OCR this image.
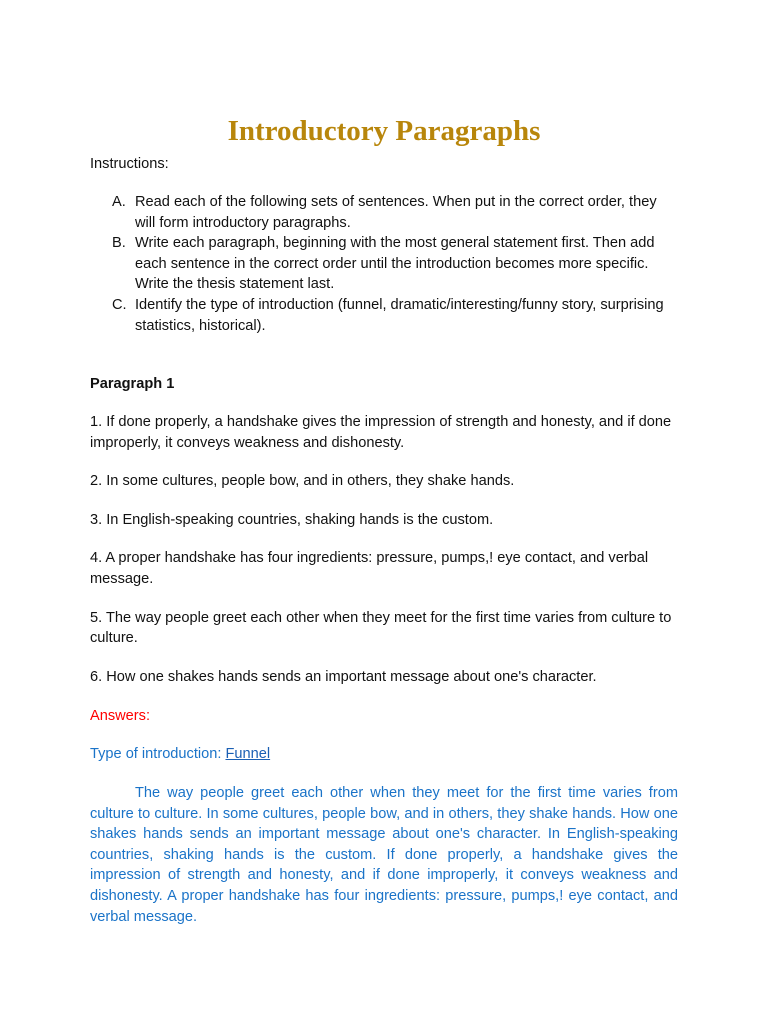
Introductory Paragraphs

Instructions:

A. Read each of the following sets of sentences. When put in the correct order, they will form introductory paragraphs.
B. Write each paragraph, beginning with the most general statement first. Then add each sentence in the correct order until the introduction becomes more specific. Write the thesis statement last.
C. Identify the type of introduction (funnel, dramatic/interesting/funny story, surprising statistics, historical).

Paragraph 1

1. If done properly, a handshake gives the impression of strength and honesty, and if done improperly, it conveys weakness and dishonesty.

2. In some cultures, people bow, and in others, they shake hands.

3. In English-speaking countries, shaking hands is the custom.

4. A proper handshake has four ingredients: pressure, pumps,! eye contact, and verbal message.

5. The way people greet each other when they meet for the first time varies from culture to culture.

6. How one shakes hands sends an important message about one's character.

Answers:

Type of introduction: Funnel

The way people greet each other when they meet for the first time varies from culture to culture. In some cultures, people bow, and in others, they shake hands. How one shakes hands sends an important message about one's character. In English-speaking countries, shaking hands is the custom. If done properly, a handshake gives the impression of strength and honesty, and if done improperly, it conveys weakness and dishonesty. A proper handshake has four ingredients: pressure, pumps,! eye contact, and verbal message.
